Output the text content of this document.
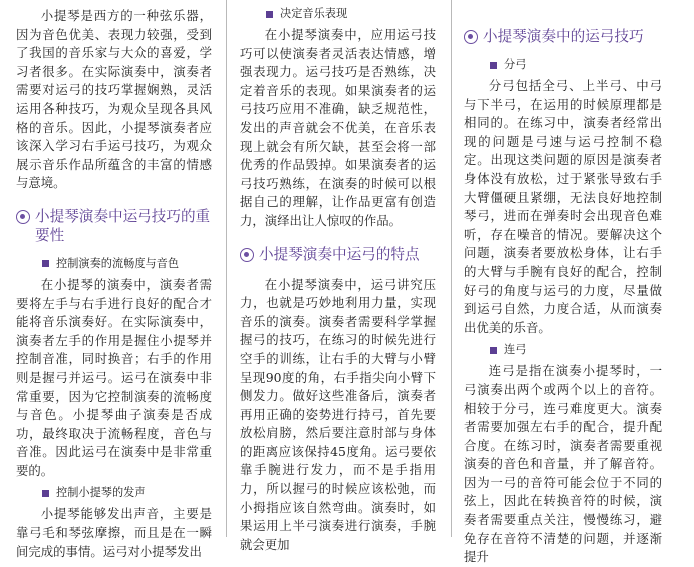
小提琴是西方的一种弦乐器，因为音色优美、表现力较强，受到了我国的音乐家与大众的喜爱，学习者很多。在实际演奏中，演奏者需要对运弓的技巧掌握娴熟，灵活运用各种技巧，为观众呈现各具风格的音乐。因此，小提琴演奏者应该深入学习右手运弓技巧，为观众展示音乐作品所蕴含的丰富的情感与意境。

小提琴演奏中运弓技巧的重要性
控制演奏的流畅度与音色

在小提琴的演奏中，演奏者需要将左手与右手进行良好的配合才能将音乐演奏好。在实际演奏中，演奏者左手的作用是握住小提琴并控制音准，同时换音；右手的作用则是握弓并运弓。运弓在演奏中非常重要，因为它控制演奏的流畅度与音色。小提琴曲子演奏是否成功，最终取决于流畅程度，音色与音准。因此运弓在演奏中是非常重要的。

控制小提琴的发声

小提琴能够发出声音，主要是靠弓毛和琴弦摩擦，而且是在一瞬间完成的事情。运弓对小提琴发出

决定音乐表现

在小提琴演奏中，应用运弓技巧可以使演奏者灵活表达情感，增强表现力。运弓技巧是否熟练，决定着音乐的表现。如果演奏者的运弓技巧应用不准确，缺乏规范性，发出的声音就会不优美，在音乐表现上就会有所欠缺，甚至会将一部优秀的作品毁掉。如果演奏者的运弓技巧熟练，在演奏的时候可以根据自己的理解，让作品更富有创造力，演绎出让人惊叹的作品。

小提琴演奏中运弓的特点

在小提琴演奏中，运弓讲究压力，也就是巧妙地利用力量，实现音乐的演奏。演奏者需要科学掌握握弓的技巧，在练习的时候先进行空手的训练，让右手的大臂与小臂呈现90度的角，右手指尖向小臂下侧发力。做好这些准备后，演奏者再用正确的姿势进行持弓，首先要放松肩膀，然后要注意肘部与身体的距离应该保持45度角。运弓要依靠手腕进行发力，而不是手指用力，所以握弓的时候应该松弛，而小拇指应该自然弯曲。演奏时，如果运用上半弓演奏进行演奏，手腕就会更加

小提琴演奏中的运弓技巧
分弓

分弓包括全弓、上半弓、中弓与下半弓，在运用的时候原理都是相同的。在练习中，演奏者经常出现的问题是弓速与运弓控制不稳定。出现这类问题的原因是演奏者身体没有放松，过于紧张导致右手大臂僵硬且紧绷，无法良好地控制琴弓，进而在弹奏时会出现音色难听，存在噪音的情况。要解决这个问题，演奏者要放松身体，让右手的大臂与手腕有良好的配合，控制好弓的角度与运弓的力度，尽量做到运弓自然，力度合适，从而演奏出优美的乐音。

连弓

连弓是指在演奏小提琴时，一弓演奏出两个或两个以上的音符。相较于分弓，连弓难度更大。演奏者需要加强左右手的配合，提升配合度。在练习时，演奏者需要重视演奏的音色和音量，并了解音符。因为一弓的音符可能会位于不同的弦上，因此在转换音符的时候，演奏者需要重点关注，慢慢练习，避免存在音符不清楚的问题，并逐渐提升
